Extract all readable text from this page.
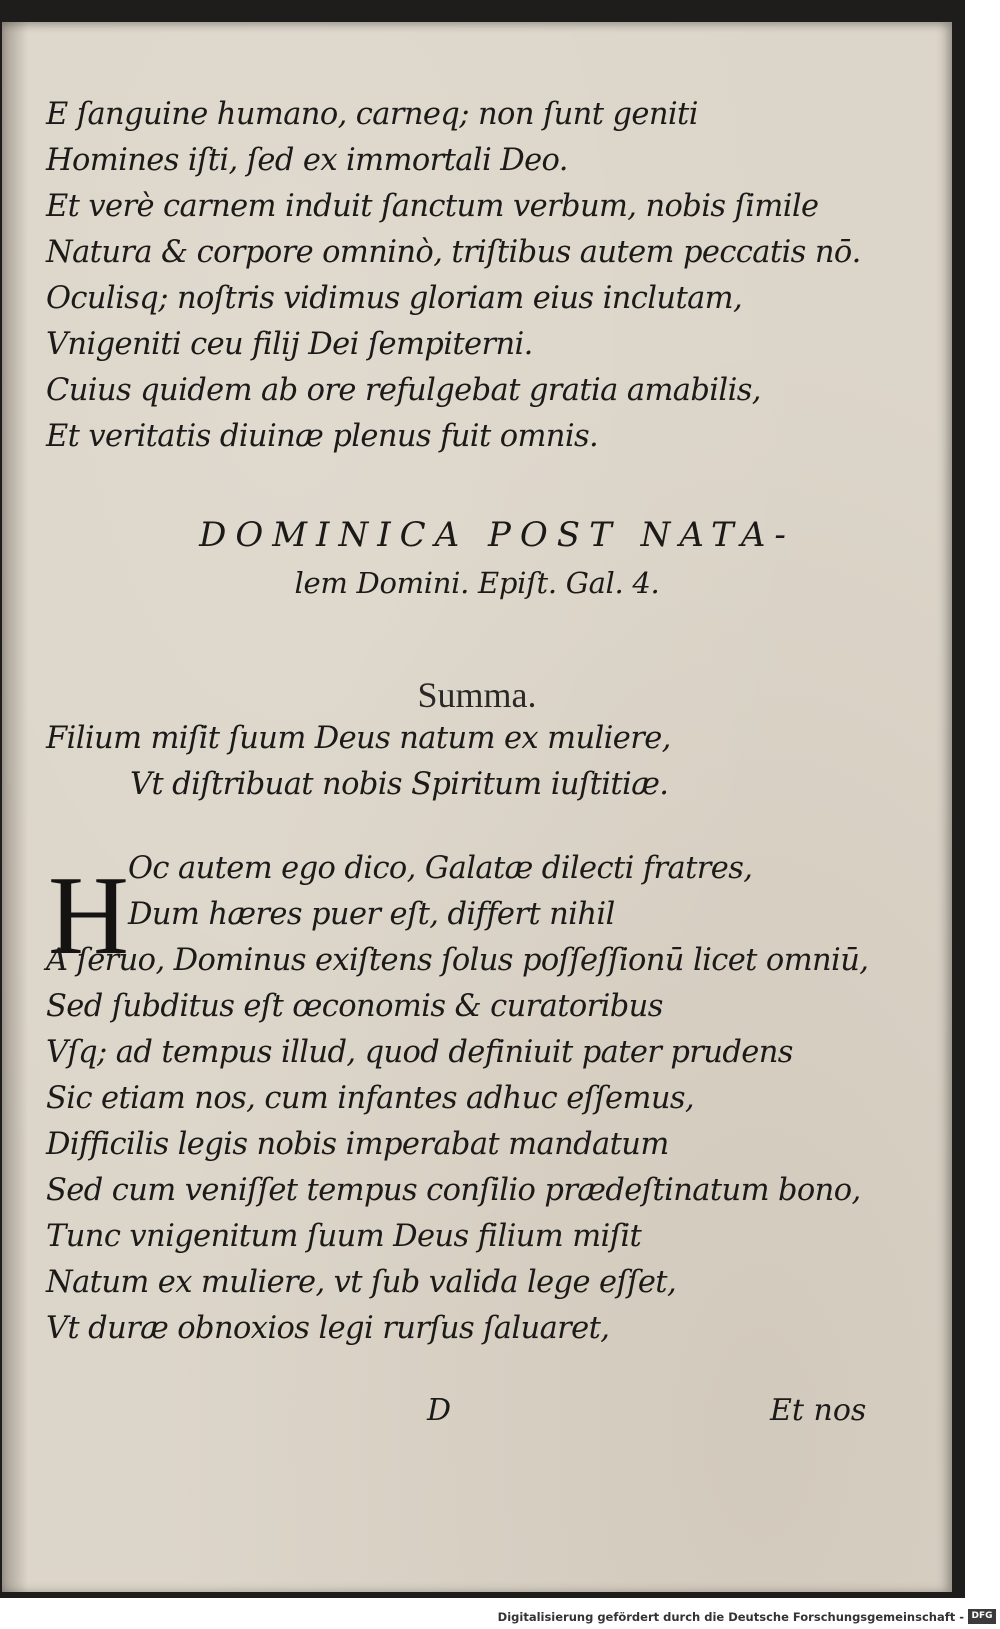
E ſanguine humano, carneq; non ſunt geniti

Homines iſti, ſed ex immortali Deo.

Et verè carnem induit ſanctum verbum, nobis ſimile

Natura & corpore omninò, triſtibus autem peccatis nō.

Oculisq; noſtris vidimus gloriam eius inclutam,

Vnigeniti ceu filij Dei ſempiterni.

Cuius quidem ab ore refulgebat gratia amabilis,

Et veritatis diuinæ plenus fuit omnis.

DOMINICA POST NATA-

lem Domini. Epiſt. Gal. 4.

Summa.

Filium miſit ſuum Deus natum ex muliere,

Vt diſtribuat nobis Spiritum iuſtitiæ.

H Oc autem ego dico, Galatæ dilecti fratres,

Dum hæres puer eſt, differt nihil

A ſeruo, Dominus exiſtens ſolus poſſeſſionū licet omniū,

Sed ſubditus eſt œconomis & curatoribus

Vſq; ad tempus illud, quod definiuit pater prudens

Sic etiam nos, cum infantes adhuc eſſemus,

Difficilis legis nobis imperabat mandatum

Sed cum veniſſet tempus conſilio prædeſtinatum bono,

Tunc vnigenitum ſuum Deus filium miſit

Natum ex muliere, vt ſub valida lege eſſet,

Vt duræ obnoxios legi rurſus ſaluaret,

D	Et nos

Digitalisierung gefördert durch die Deutsche Forschungsgemeinschaft - DFG
